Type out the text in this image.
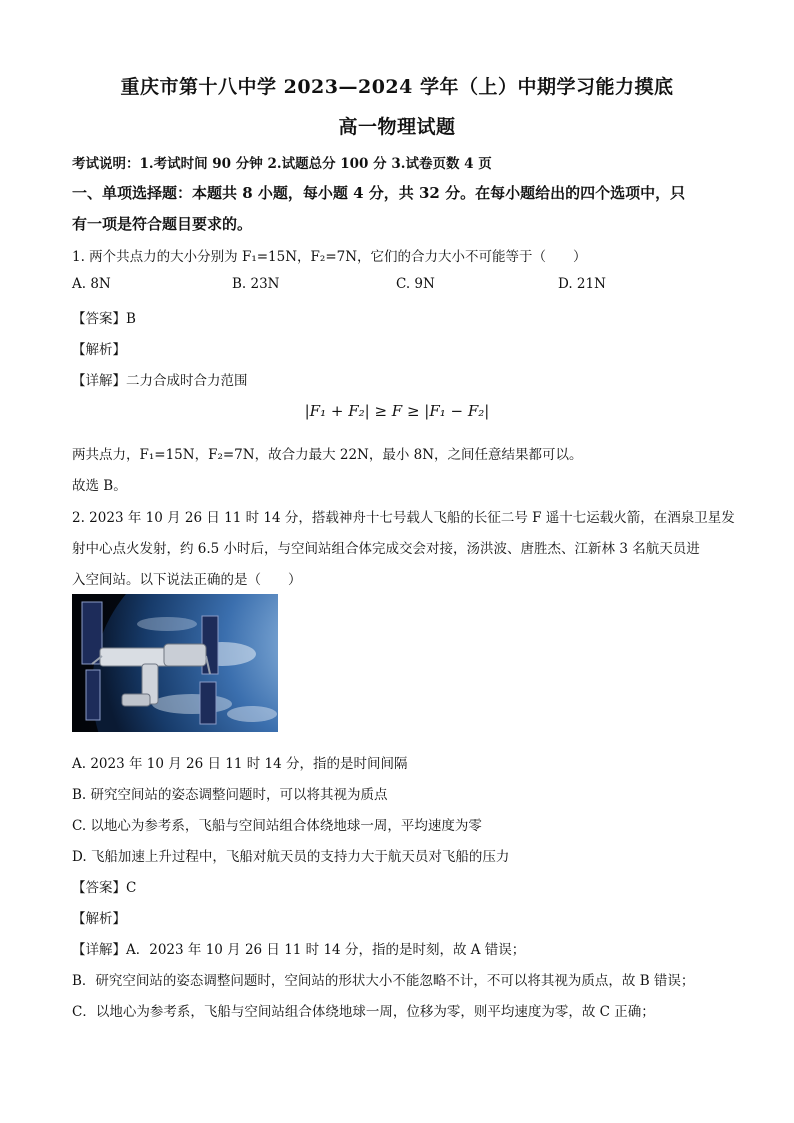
重庆市第十八中学 2023—2024 学年（上）中期学习能力摸底
高一物理试题
考试说明：1.考试时间 90 分钟 2.试题总分 100 分 3.试卷页数 4 页
一、单项选择题：本题共 8 小题，每小题 4 分，共 32 分。在每小题给出的四个选项中，只
有一项是符合题目要求的。
1. 两个共点力的大小分别为 F₁=15N，F₂=7N，它们的合力大小不可能等于（　　）
A. 8N	B. 23N	C. 9N	D. 21N
【答案】B
【解析】
【详解】二力合成时合力范围
|F₁ + F₂| ≥ F ≥ |F₁ − F₂|
两共点力，F₁=15N，F₂=7N，故合力最大 22N，最小 8N，之间任意结果都可以。
故选 B。
2. 2023 年 10 月 26 日 11 时 14 分，搭载神舟十七号载人飞船的长征二号 F 遥十七运载火箭，在酒泉卫星发
射中心点火发射，约 6.5 小时后，与空间站组合体完成交会对接，汤洪波、唐胜杰、江新林 3 名航天员进
入空间站。以下说法正确的是（　　）
A. 2023 年 10 月 26 日 11 时 14 分，指的是时间间隔
B. 研究空间站的姿态调整问题时，可以将其视为质点
C. 以地心为参考系，飞船与空间站组合体绕地球一周，平均速度为零
D. 飞船加速上升过程中，飞船对航天员的支持力大于航天员对飞船的压力
【答案】C
【解析】
【详解】A．2023 年 10 月 26 日 11 时 14 分，指的是时刻，故 A 错误；
B．研究空间站的姿态调整问题时，空间站的形状大小不能忽略不计，不可以将其视为质点，故 B 错误；
C．以地心为参考系，飞船与空间站组合体绕地球一周，位移为零，则平均速度为零，故 C 正确；
